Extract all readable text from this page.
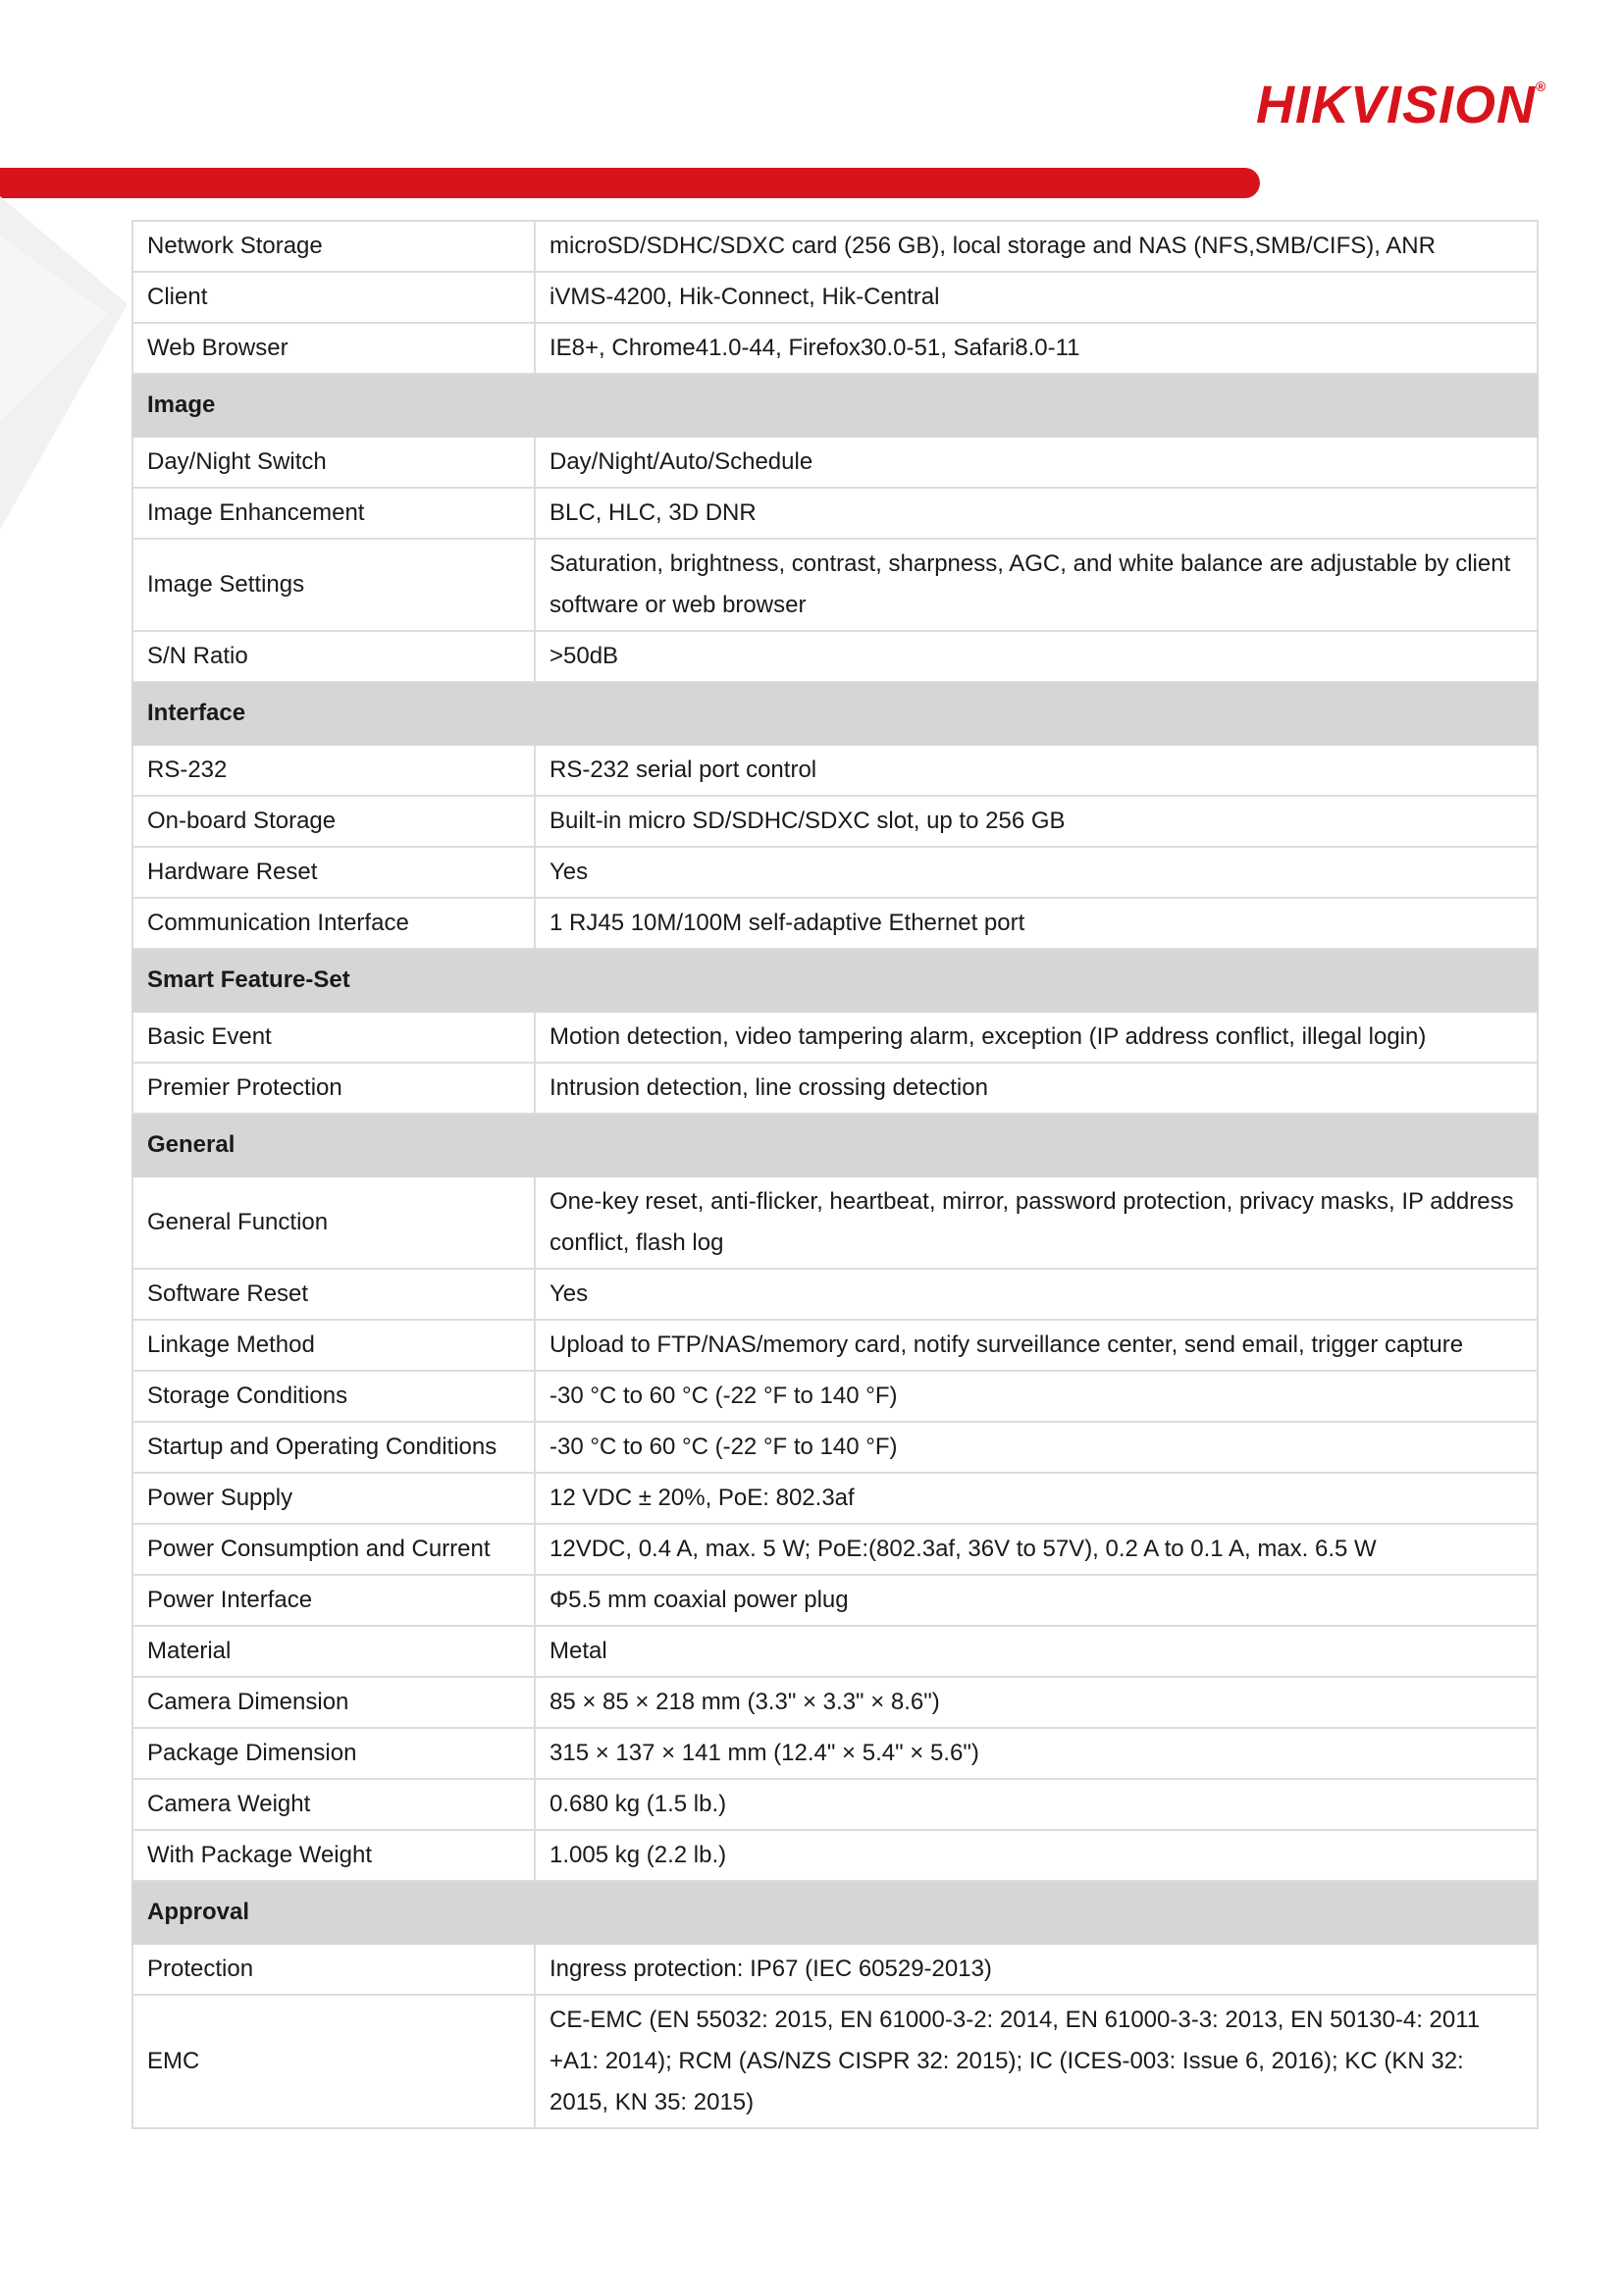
HIKVISION®
Network Storage	microSD/SDHC/SDXC card (256 GB), local storage and NAS (NFS,SMB/CIFS), ANR
Client	iVMS-4200, Hik-Connect, Hik-Central
Web Browser	IE8+, Chrome41.0-44, Firefox30.0-51, Safari8.0-11
Image	
Day/Night Switch	Day/Night/Auto/Schedule
Image Enhancement	BLC, HLC, 3D DNR
Image Settings	Saturation, brightness, contrast, sharpness, AGC, and white balance are adjustable by client software or web browser
S/N Ratio	>50dB
Interface	
RS-232	RS-232 serial port control
On-board Storage	Built-in micro SD/SDHC/SDXC slot, up to 256 GB
Hardware Reset	Yes
Communication Interface	1 RJ45 10M/100M self-adaptive Ethernet port
Smart Feature-Set	
Basic Event	Motion detection, video tampering alarm, exception (IP address conflict, illegal login)
Premier Protection	Intrusion detection, line crossing detection
General	
General Function	One-key reset, anti-flicker, heartbeat, mirror, password protection, privacy masks, IP address conflict, flash log
Software Reset	Yes
Linkage Method	Upload to FTP/NAS/memory card, notify surveillance center, send email, trigger capture
Storage Conditions	-30 °C to 60 °C (-22 °F to 140 °F)
Startup and Operating Conditions	-30 °C to 60 °C (-22 °F to 140 °F)
Power Supply	12 VDC ± 20%, PoE: 802.3af
Power Consumption and Current	12VDC, 0.4 A, max. 5 W; PoE:(802.3af, 36V to 57V), 0.2 A to 0.1 A, max. 6.5 W
Power Interface	Φ5.5 mm coaxial power plug
Material	Metal
Camera Dimension	85 × 85 × 218 mm (3.3" × 3.3" × 8.6")
Package Dimension	315 × 137 × 141 mm (12.4" × 5.4" × 5.6")
Camera Weight	0.680 kg (1.5 lb.)
With Package Weight	1.005 kg (2.2 lb.)
Approval	
Protection	Ingress protection: IP67 (IEC 60529-2013)
EMC	CE-EMC (EN 55032: 2015, EN 61000-3-2: 2014, EN 61000-3-3: 2013, EN 50130-4: 2011 +A1: 2014); RCM (AS/NZS CISPR 32: 2015); IC (ICES-003: Issue 6, 2016); KC (KN 32: 2015, KN 35: 2015)
